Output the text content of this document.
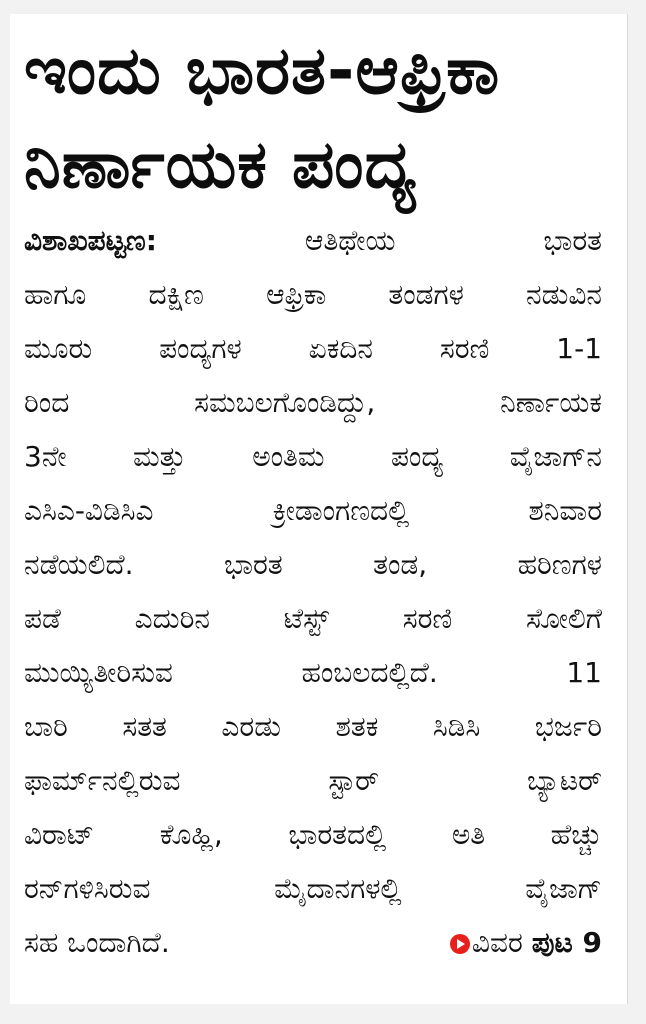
ಇಂದು ಭಾರತ-ಆಫ್ರಿಕಾ
ನಿರ್ಣಾಯಕ ಪಂದ್ಯ
ವಿಶಾಖಪಟ್ಟಣ:	ಆತಿಥೇಯ ಭಾರತ
ಹಾಗೂ ದಕ್ಷಿಣ ಆಫ್ರಿಕಾ ತಂಡಗಳ ನಡುವಿನ
ಮೂರು ಪಂದ್ಯಗಳ ಏಕದಿನ ಸರಣಿ 1-1
ರಿಂದ ಸಮಬಲಗೊಂಡಿದ್ದು, ನಿರ್ಣಾಯಕ
3ನೇ ಮತ್ತು ಅಂತಿಮ ಪಂದ್ಯ ವೈಜಾಗ್‌ನ
ಎಸಿಎ-ವಿಡಿಸಿಎ ಕ್ರೀಡಾಂಗಣದಲ್ಲಿ ಶನಿವಾರ
ನಡೆಯಲಿದೆ. ಭಾರತ ತಂಡ, ಹರಿಣಗಳ
ಪಡೆ ಎದುರಿನ ಟೆಸ್ಟ್ ಸರಣಿ ಸೋಲಿಗೆ
ಮುಯ್ಯಿತೀರಿಸುವ ಹಂಬಲದಲ್ಲಿದೆ. 11
ಬಾರಿ ಸತತ ಎರಡು ಶತಕ ಸಿಡಿಸಿ ಭರ್ಜರಿ
ಫಾರ್ಮ್‌ನಲ್ಲಿರುವ ಸ್ಟಾರ್ ಬ್ಯಾಟರ್
ವಿರಾಟ್ ಕೊಹ್ಲಿ, ಭಾರತದಲ್ಲಿ ಅತಿ ಹೆಚ್ಚು
ರನ್‌ಗಳಿಸಿರುವ ಮೈದಾನಗಳಲ್ಲಿ ವೈಜಾಗ್
ಸಹ ಒಂದಾಗಿದೆ.	ವಿವರ ಪುಟ 9
